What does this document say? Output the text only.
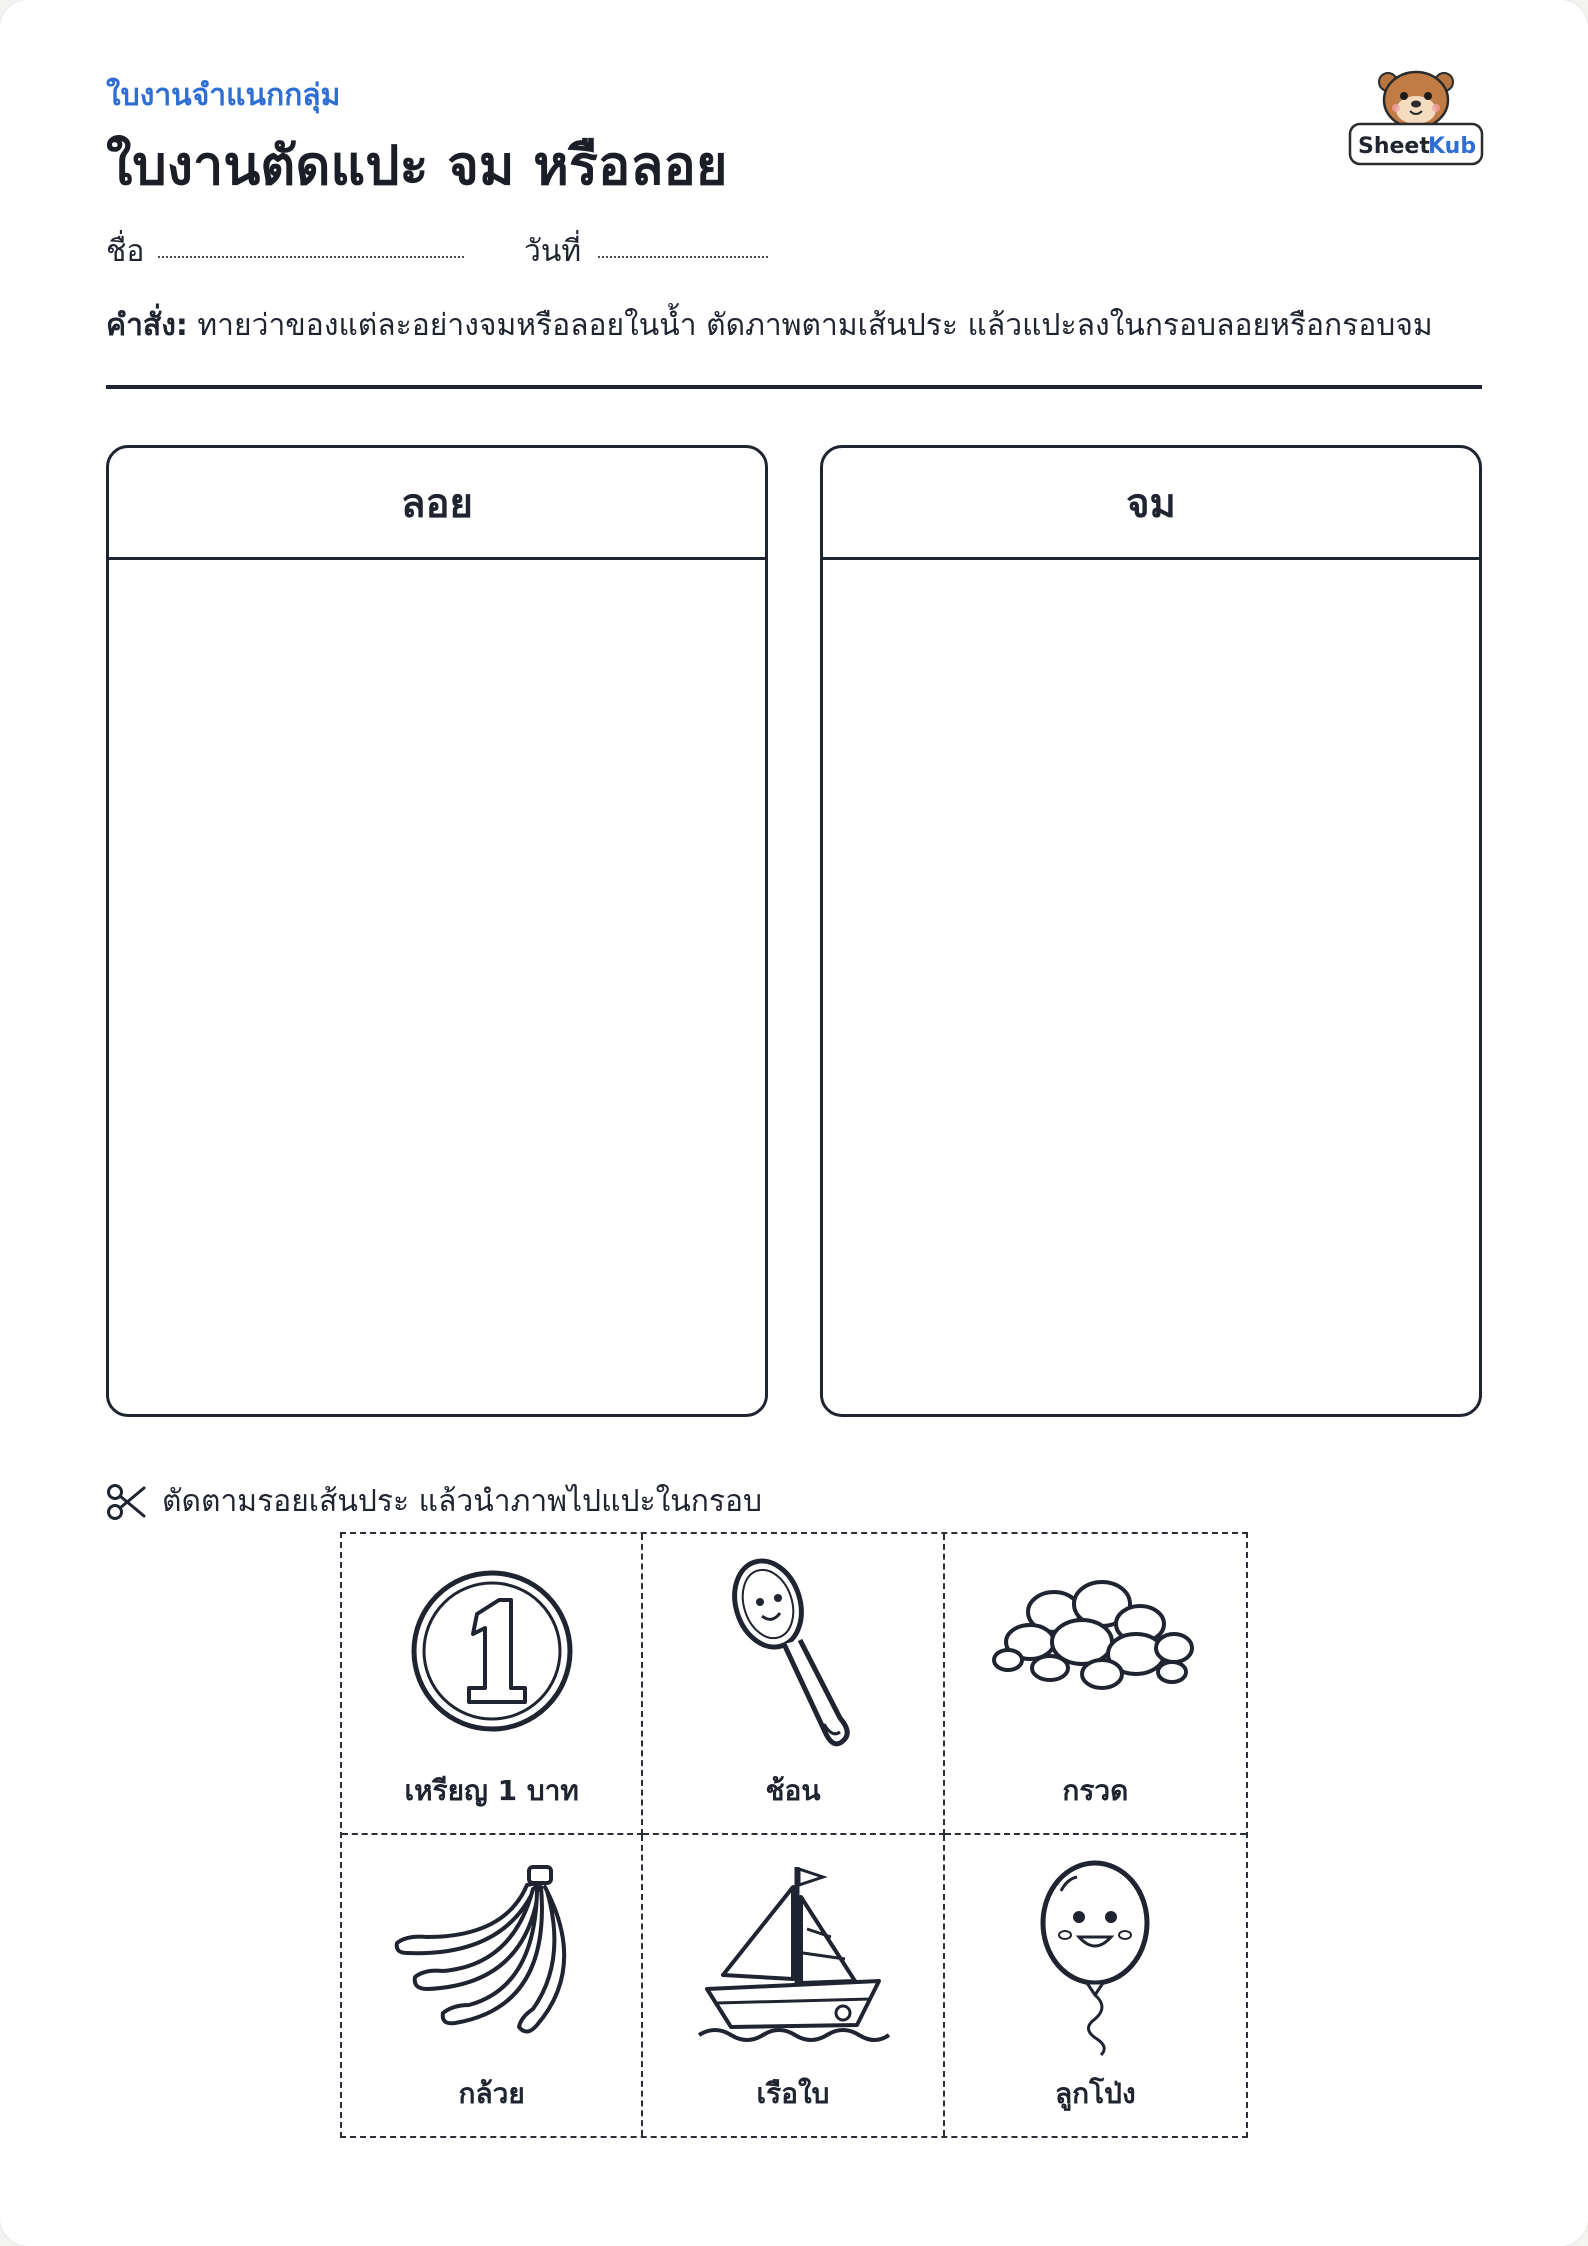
ใบงานจำแนกกลุ่ม
ใบงานตัดแปะ จม หรือลอย	Sheet
Kub
ชื่อ	วันที่
คำสั่ง: ทายว่าของแต่ละอย่างจมหรือลอยในน้ำ ตัดภาพตามเส้นประ แล้วแปะลงในกรอบลอยหรือกรอบจม
ลอย	จม
ตัดตามรอยเส้นประ แล้วนำภาพไปแปะในกรอบ
เหรียญ 1 บาท	ช้อน	กรวด
กล้วย	เรือใบ	ลูกโป่ง
